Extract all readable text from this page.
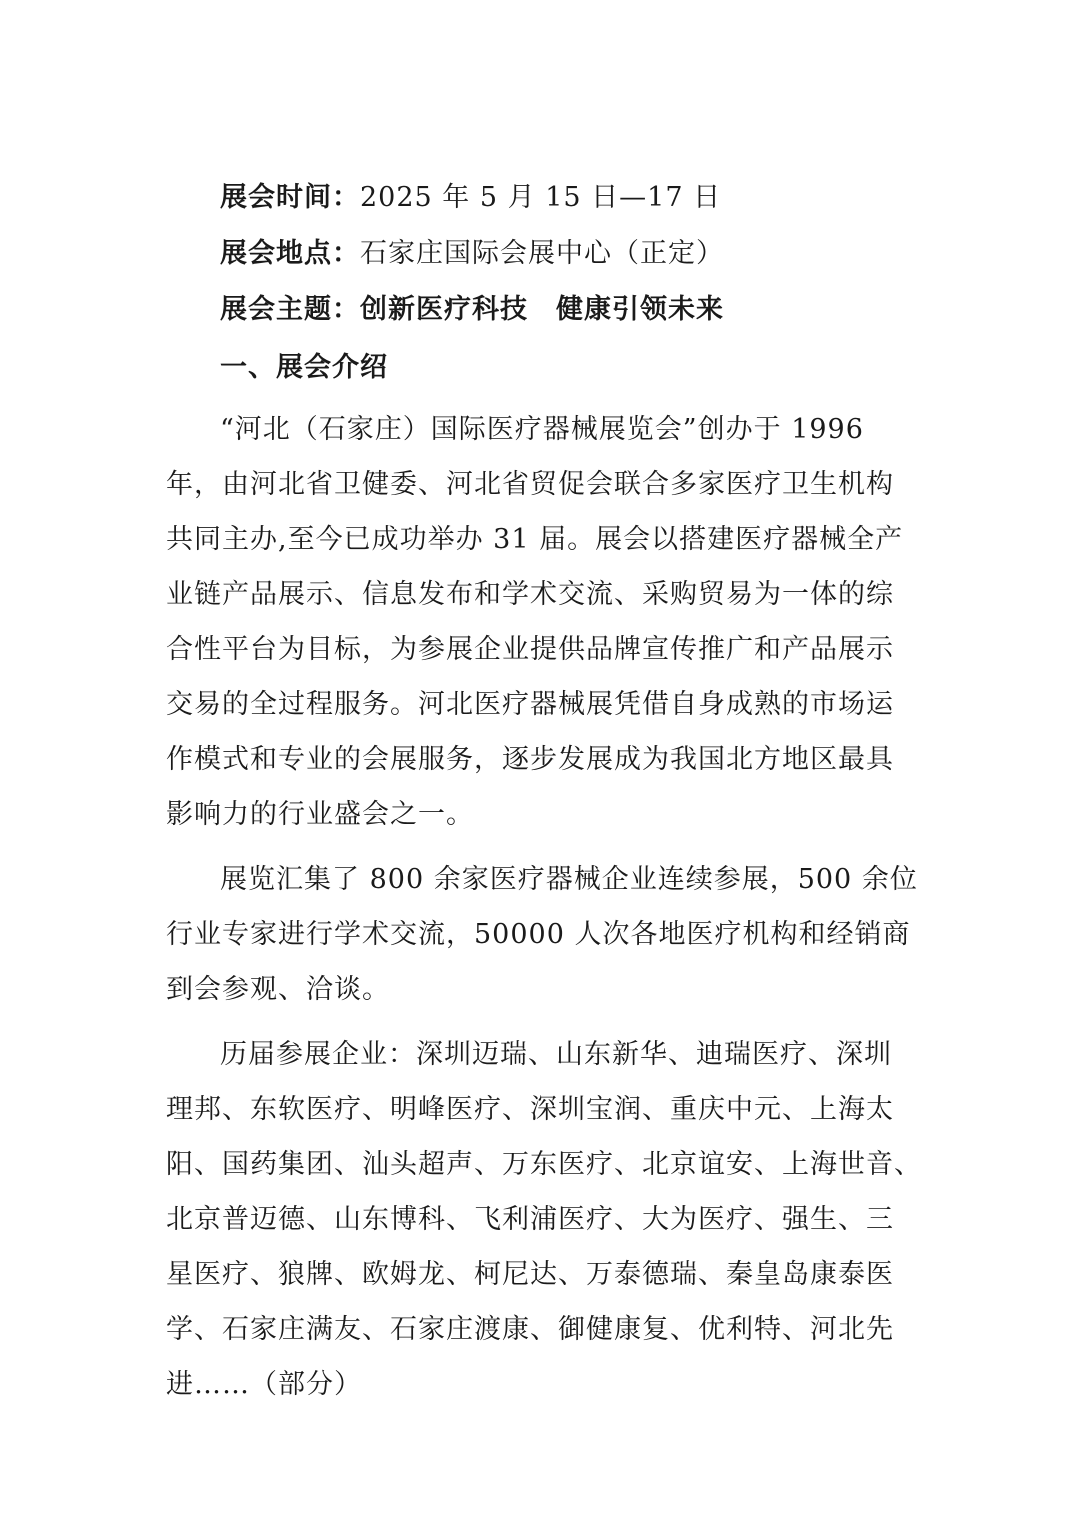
展会时间：2025 年 5 月 15 日—17 日
展会地点：石家庄国际会展中心（正定）
展会主题：创新医疗科技　健康引领未来
一、展会介绍
“河北（石家庄）国际医疗器械展览会”创办于 1996
年，由河北省卫健委、河北省贸促会联合多家医疗卫生机构
共同主办,至今已成功举办 31 届。展会以搭建医疗器械全产
业链产品展示、信息发布和学术交流、采购贸易为一体的综
合性平台为目标，为参展企业提供品牌宣传推广和产品展示
交易的全过程服务。河北医疗器械展凭借自身成熟的市场运
作模式和专业的会展服务，逐步发展成为我国北方地区最具
影响力的行业盛会之一。
展览汇集了 800 余家医疗器械企业连续参展，500 余位
行业专家进行学术交流，50000 人次各地医疗机构和经销商
到会参观、洽谈。
历届参展企业：深圳迈瑞、山东新华、迪瑞医疗、深圳
理邦、东软医疗、明峰医疗、深圳宝润、重庆中元、上海太
阳、国药集团、汕头超声、万东医疗、北京谊安、上海世音、
北京普迈德、山东博科、飞利浦医疗、大为医疗、强生、三
星医疗、狼牌、欧姆龙、柯尼达、万泰德瑞、秦皇岛康泰医
学、石家庄满友、石家庄渡康、御健康复、优利特、河北先
进……（部分）
